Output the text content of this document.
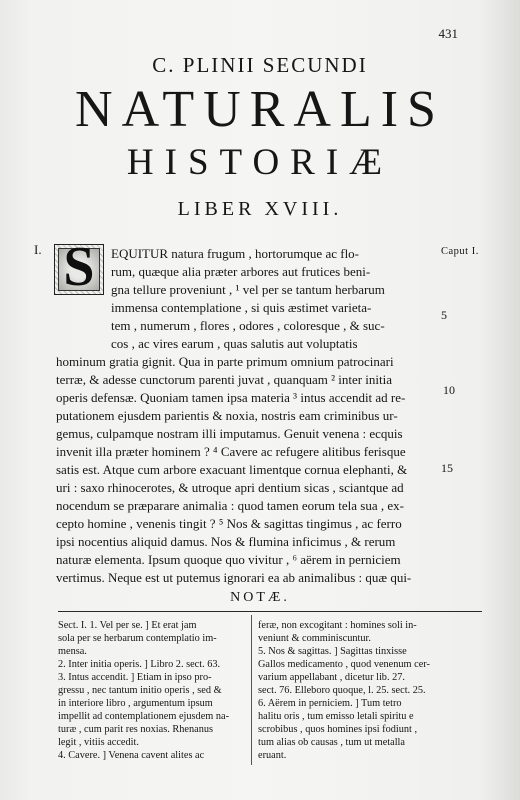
431
C. PLINII SECUNDI
NATURALIS
HISTORIÆ
LIBER XVIII.
I.	Caput I.
5
10
15
S	EQUITUR natura frugum , hortorumque ac flo-
rum, quæque alia præter arbores aut frutices beni-
gna tellure proveniunt , ¹ vel per se tantum herbarum
immensa contemplatione , si quis æstimet varieta-
tem , numerum , flores , odores , coloresque , & suc-
cos , ac vires earum , quas salutis aut voluptatis
hominum gratia gignit. Qua in parte primum omnium patrocinari
terræ, & adesse cunctorum parenti juvat , quanquam ² inter initia
operis defensæ. Quoniam tamen ipsa materia ³ intus accendit ad re-
putationem ejusdem parientis & noxia, nostris eam criminibus ur-
gemus, culpamque nostram illi imputamus. Genuit venena : ecquis
invenit illa præter hominem ? ⁴ Cavere ac refugere alitibus ferisque
satis est. Atque cum arbore exacuant limentque cornua elephanti, &
uri : saxo rhinocerotes, & utroque apri dentium sicas , sciantque ad
nocendum se præparare animalia : quod tamen eorum tela sua , ex-
cepto homine , venenis tingit ? ⁵ Nos & sagittas tingimus , ac ferro
ipsi nocentius aliquid damus. Nos & flumina inficimus , & rerum
naturæ elementa. Ipsum quoque quo vivitur , ⁶ aërem in perniciem
vertimus. Neque est ut putemus ignorari ea ab animalibus : quæ qui-
NOTÆ.
Sect. I. 1. Vel per se. ] Et erat jam
sola per se herbarum contemplatio im-
mensa.
2. Inter initia operis. ] Libro 2. sect. 63.
3. Intus accendit. ] Etiam in ipso pro-
gressu , nec tantum initio operis , sed &
in interiore libro , argumentum ipsum
impellit ad contemplationem ejusdem na-
turæ , cum parit res noxias. Rhenanus
legit , vitiis accedit.
4. Cavere. ] Venena cavent alites ac
feræ, non excogitant : homines soli in-
veniunt & comminiscuntur.
5. Nos & sagittas. ] Sagittas tinxisse
Gallos medicamento , quod venenum cer-
varium appellabant , dicetur lib. 27.
sect. 76. Elleboro quoque, l. 25. sect. 25.
6. Aërem in perniciem. ] Tum tetro
halitu oris , tum emisso letali spiritu e
scrobibus , quos homines ipsi fodiunt ,
tum alias ob causas , tum ut metalla
eruant.
